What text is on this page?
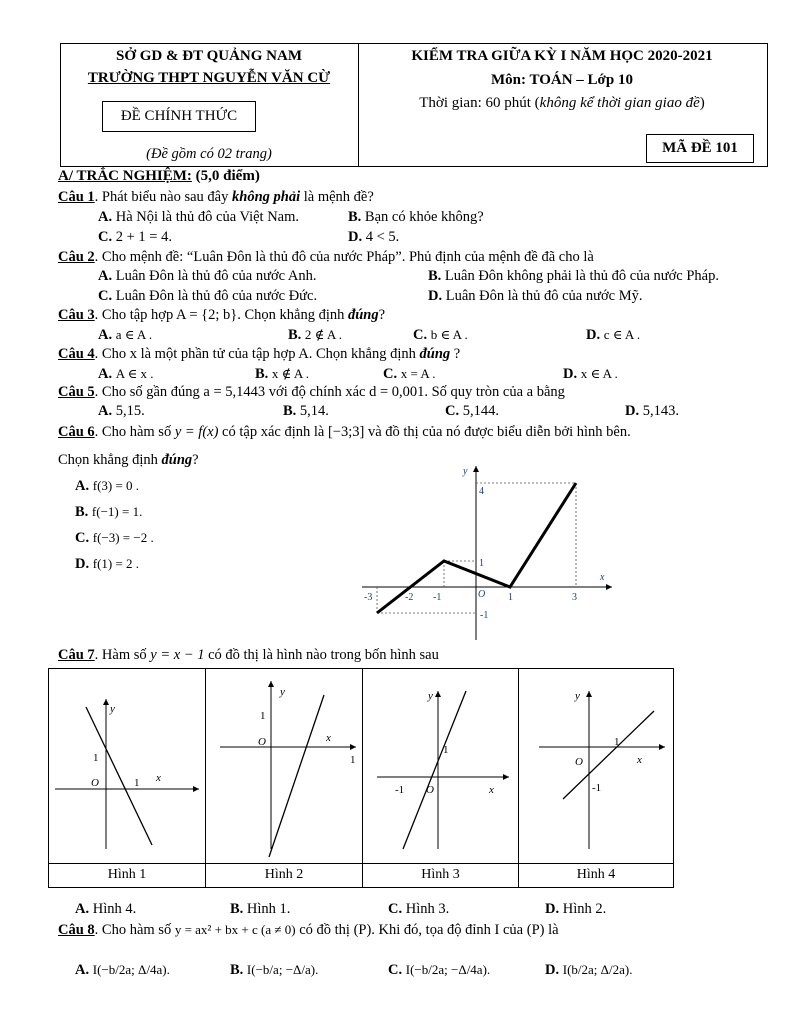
SỞ GD & ĐT QUẢNG NAM
TRƯỜNG THPT NGUYỄN VĂN CỪ
ĐỀ CHÍNH THỨC
(Đề gồm có 02 trang)
KIỂM TRA GIỮA KỲ I NĂM HỌC 2020-2021
Môn: TOÁN – Lớp 10
Thời gian: 60 phút (không kể thời gian giao đề)
MÃ ĐỀ 101
A/ TRẮC NGHIỆM: (5,0 điểm)
Câu 1. Phát biểu nào sau đây không phải là mệnh đề?
A. Hà Nội là thủ đô của Việt Nam.	B. Bạn có khỏe không?
C. 2 + 1 = 4.	D. 4 < 5.
Câu 2. Cho mệnh đề: “Luân Đôn là thủ đô của nước Pháp”. Phủ định của mệnh đề đã cho là
A. Luân Đôn là thủ đô của nước Anh.	B. Luân Đôn không phải là thủ đô của nước Pháp.
C. Luân Đôn là thủ đô của nước Đức.	D. Luân Đôn là thủ đô của nước Mỹ.
Câu 3. Cho tập hợp A = {2; b}. Chọn khẳng định đúng?
A. a ∈ A .	B. 2 ∉ A .	C. b ∈ A .	D. c ∈ A .
Câu 4. Cho x là một phần tử của tập hợp A. Chọn khẳng định đúng ?
A. A ∈ x .	B. x ∉ A .	C. x = A .	D. x ∈ A .
Câu 5. Cho số gần đúng a = 5,1443 với độ chính xác d = 0,001. Số quy tròn của a bằng
A. 5,15.	B. 5,14.	C. 5,144.	D. 5,143.
Câu 6. Cho hàm số y = f(x) có tập xác định là [−3;3] và đồ thị của nó được biểu diễn bởi hình bên.
Chọn khẳng định đúng?
A. f(3) = 0 .
B. f(−1) = 1.
C. f(−3) = −2 .
D. f(1) = 2 .
y
x
O
-3	-2 -1	1	3
4
1
-1
Câu 7. Hàm số y = x − 1 có đồ thị là hình nào trong bốn hình sau
y
x
O
1
1
Hình 1
y
x
O
1
1
Hình 2
y
x
O
1
-1
Hình 3
y
x
O
1
-1
Hình 4
A. Hình 4.	B. Hình 1.	C. Hình 3.	D. Hình 2.
Câu 8. Cho hàm số y = ax² + bx + c (a ≠ 0) có đồ thị (P). Khi đó, tọa độ đỉnh I của (P) là
A. I(−b/2a; Δ/4a).	B. I(−b/a; −Δ/a).	C. I(−b/2a; −Δ/4a).	D. I(b/2a; Δ/2a).
